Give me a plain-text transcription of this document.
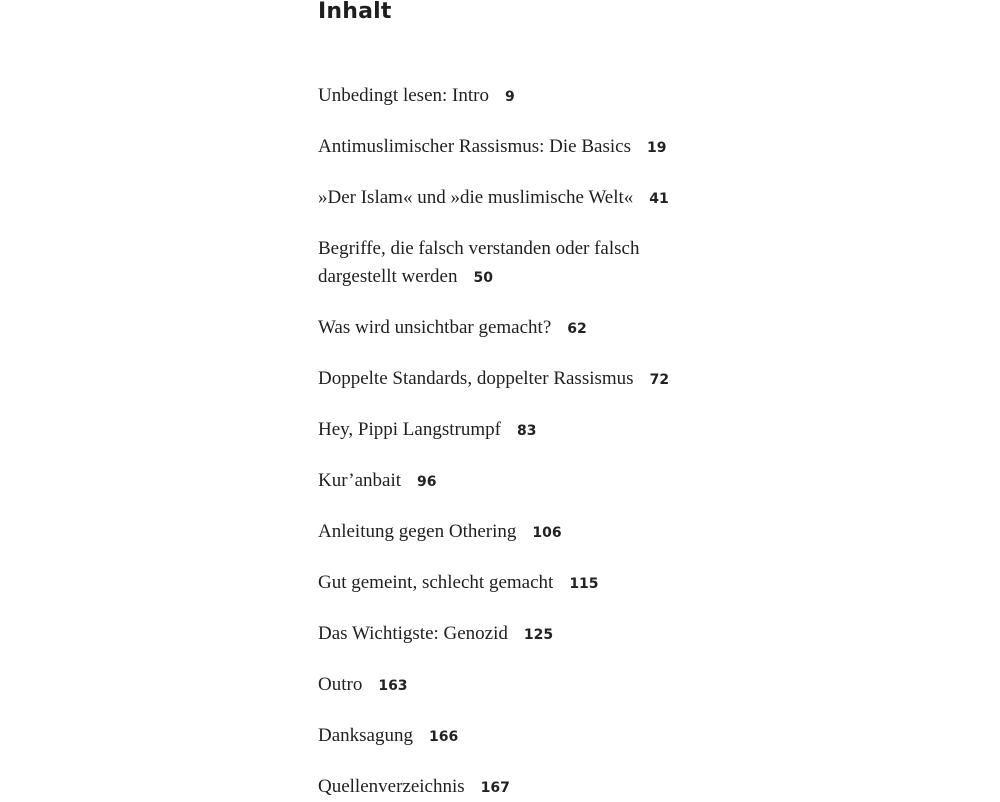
Inhalt
Unbedingt lesen: Intro 9
Antimuslimischer Rassismus: Die Basics 19
»Der Islam« und »die muslimische Welt« 41
Begriffe, die falsch verstanden oder falsch
dargestellt werden 50
Was wird unsichtbar gemacht? 62
Doppelte Standards, doppelter Rassismus 72
Hey, Pippi Langstrumpf 83
Kur’anbait 96
Anleitung gegen Othering 106
Gut gemeint, schlecht gemacht 115
Das Wichtigste: Genozid 125
Outro 163
Danksagung 166
Quellenverzeichnis 167
